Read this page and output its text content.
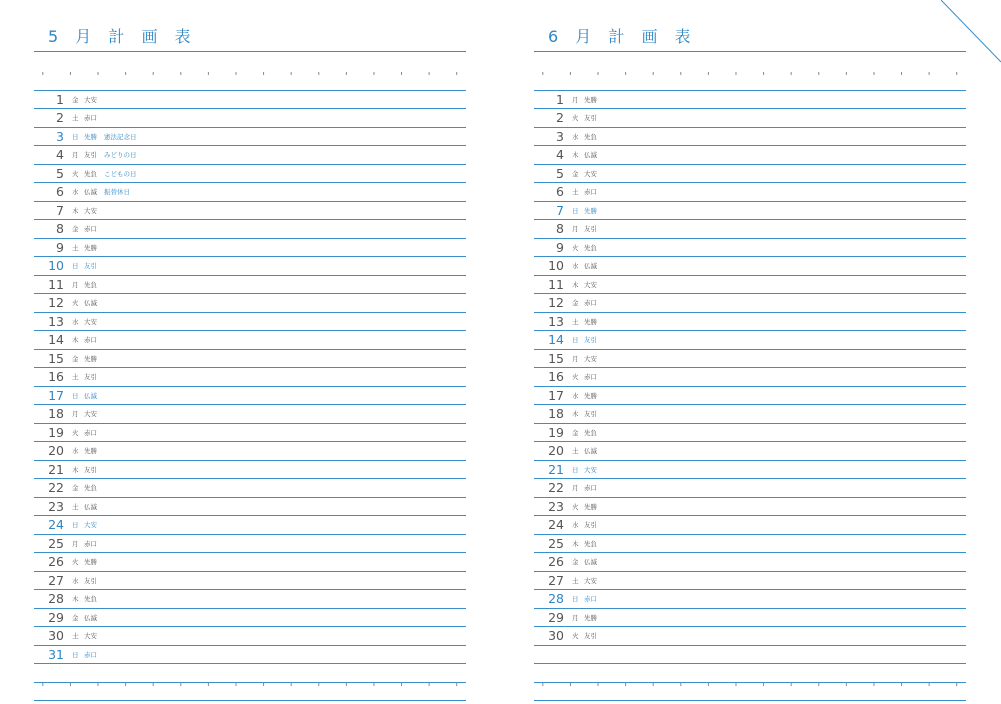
5 月 計 画 表
1 金 大安
2 土 赤口
3 日 先勝 憲法記念日
4 月 友引 みどりの日
5 火 先負 こどもの日
6 水 仏滅 振替休日
7 木 大安
8 金 赤口
9 土 先勝
10 日 友引
11 月 先負
12 火 仏滅
13 水 大安
14 木 赤口
15 金 先勝
16 土 友引
17 日 仏滅
18 月 大安
19 火 赤口
20 水 先勝
21 木 友引
22 金 先負
23 土 仏滅
24 日 大安
25 月 赤口
26 火 先勝
27 水 友引
28 木 先負
29 金 仏滅
30 土 大安
31 日 赤口
6 月 計 画 表
1 月 先勝
2 火 友引
3 水 先負
4 木 仏滅
5 金 大安
6 土 赤口
7 日 先勝
8 月 友引
9 火 先負
10 水 仏滅
11 木 大安
12 金 赤口
13 土 先勝
14 日 友引
15 月 大安
16 火 赤口
17 水 先勝
18 木 友引
19 金 先負
20 土 仏滅
21 日 大安
22 月 赤口
23 火 先勝
24 水 友引
25 木 先負
26 金 仏滅
27 土 大安
28 日 赤口
29 月 先勝
30 火 友引
